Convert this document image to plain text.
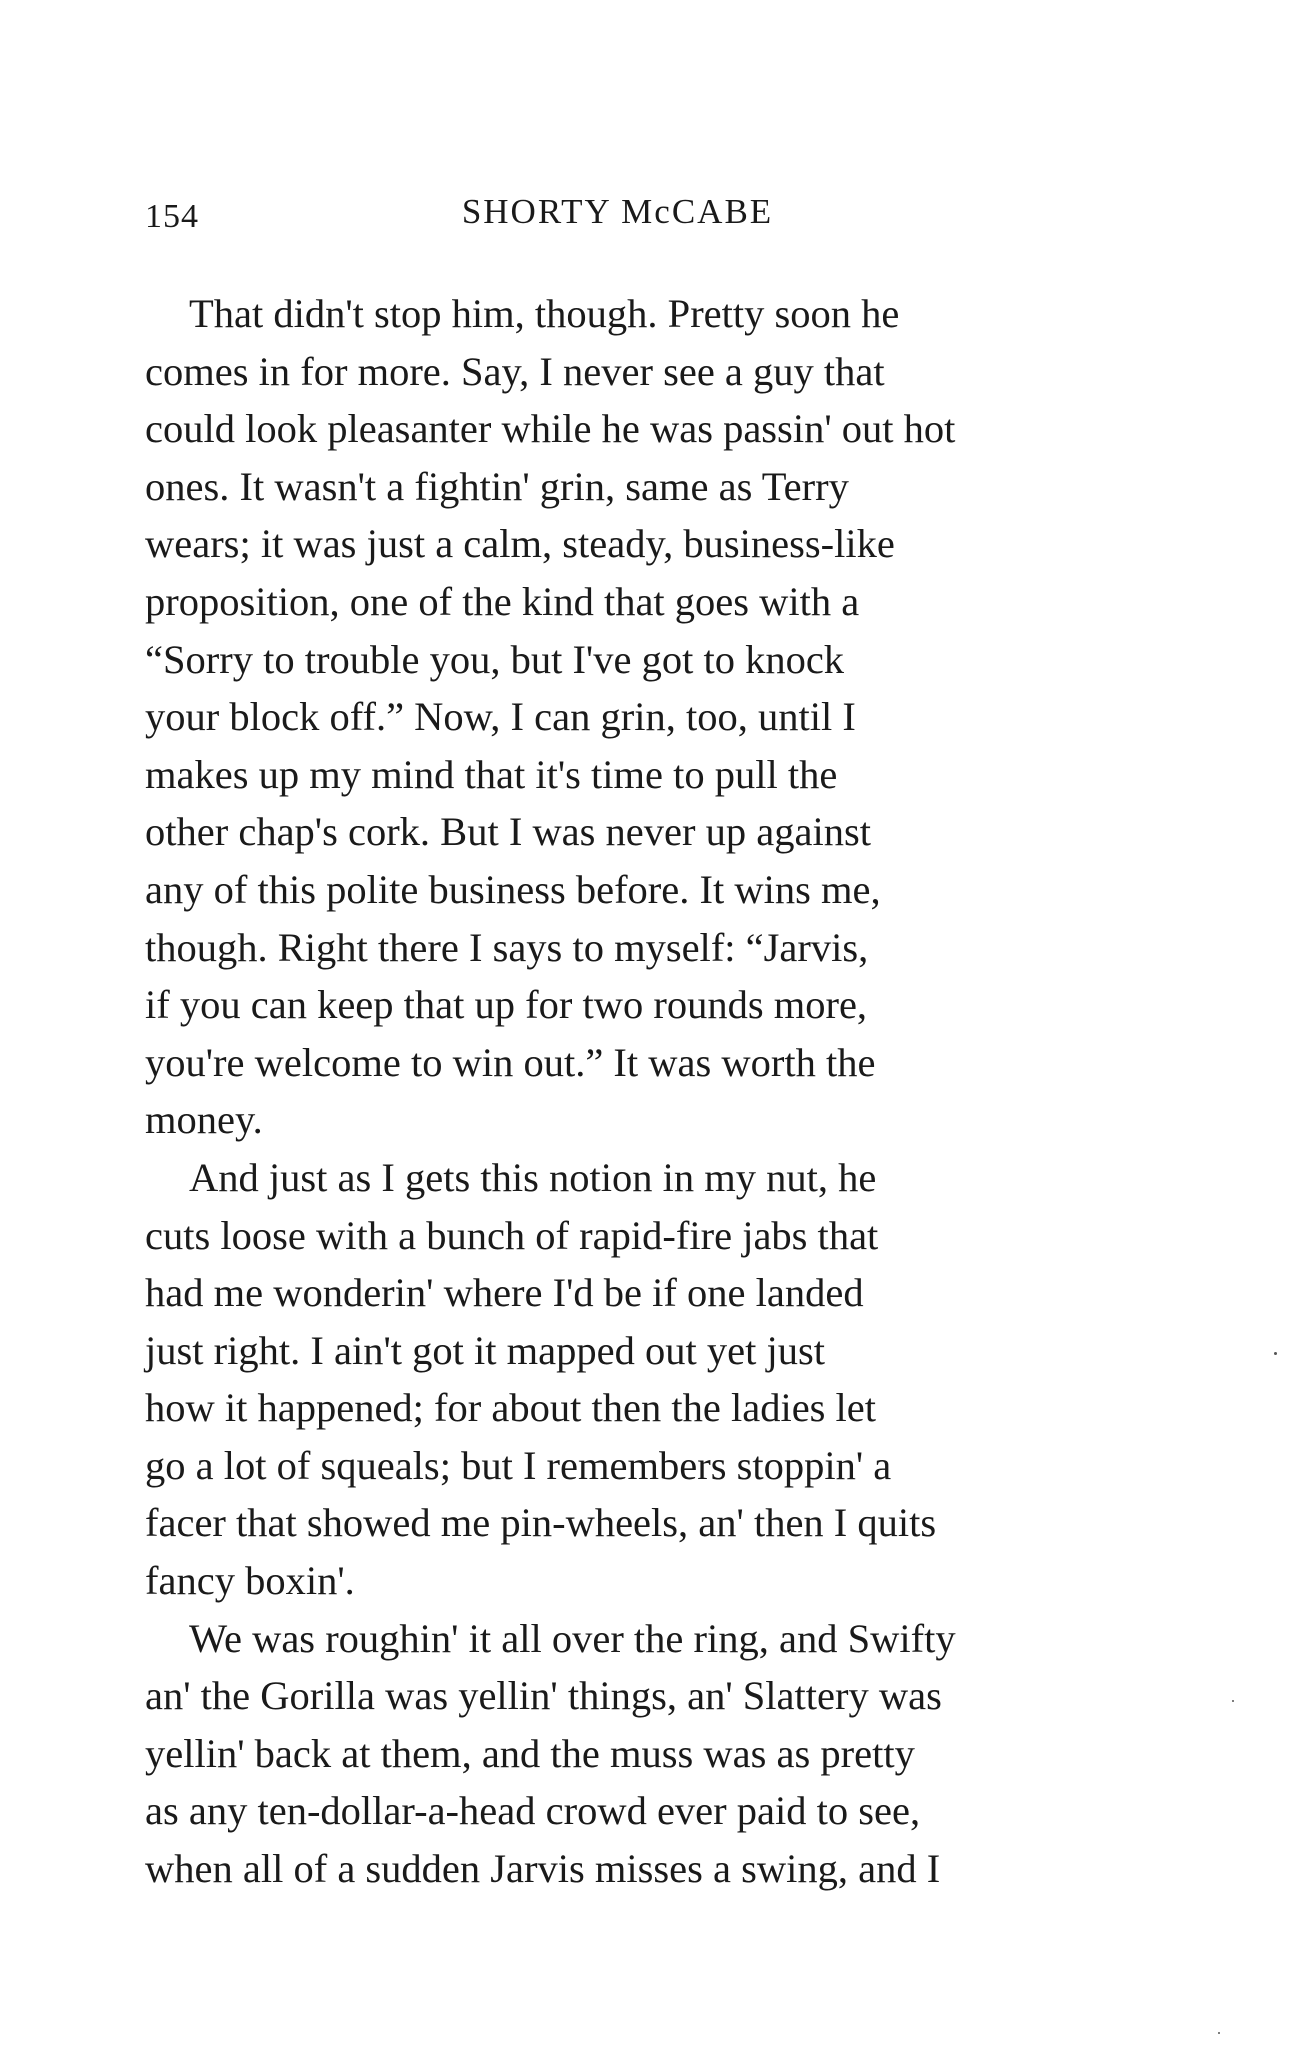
154	SHORTY McCABE
That didn't stop him, though. Pretty soon he
comes in for more. Say, I never see a guy that
could look pleasanter while he was passin' out hot
ones. It wasn't a fightin' grin, same as Terry
wears; it was just a calm, steady, business-like
proposition, one of the kind that goes with a
“Sorry to trouble you, but I've got to knock
your block off.” Now, I can grin, too, until I
makes up my mind that it's time to pull the
other chap's cork. But I was never up against
any of this polite business before. It wins me,
though. Right there I says to myself: “Jarvis,
if you can keep that up for two rounds more,
you're welcome to win out.” It was worth the
money.
And just as I gets this notion in my nut, he
cuts loose with a bunch of rapid-fire jabs that
had me wonderin' where I'd be if one landed
just right. I ain't got it mapped out yet just
how it happened; for about then the ladies let
go a lot of squeals; but I remembers stoppin' a
facer that showed me pin-wheels, an' then I quits
fancy boxin'.
We was roughin' it all over the ring, and Swifty
an' the Gorilla was yellin' things, an' Slattery was
yellin' back at them, and the muss was as pretty
as any ten-dollar-a-head crowd ever paid to see,
when all of a sudden Jarvis misses a swing, and I
